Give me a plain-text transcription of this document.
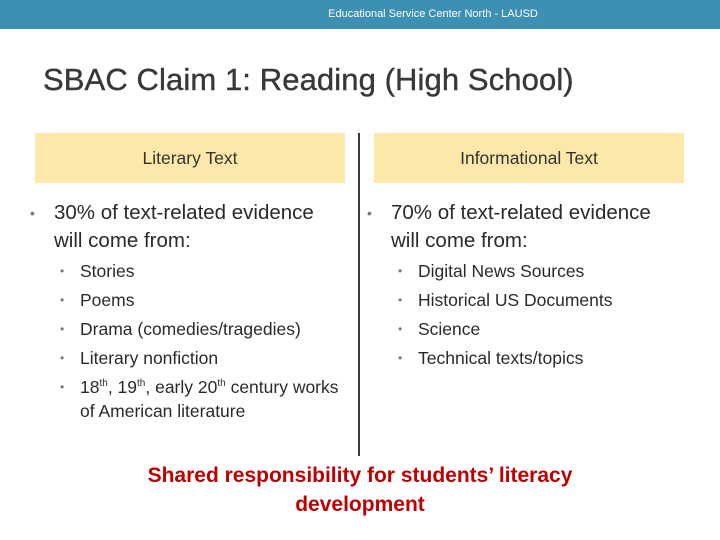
Educational Service Center North - LAUSD
SBAC Claim 1: Reading (High School)
Literary Text	Informational Text
• 30% of text-related evidence will come from:
• 70% of text-related evidence will come from:
• Stories
• Poems
• Drama (comedies/tragedies)
• Literary nonfiction
• 18th, 19th, early 20th century works of American literature
• Digital News Sources
• Historical US Documents
• Science
• Technical texts/topics
Shared responsibility for students’ literacy development
